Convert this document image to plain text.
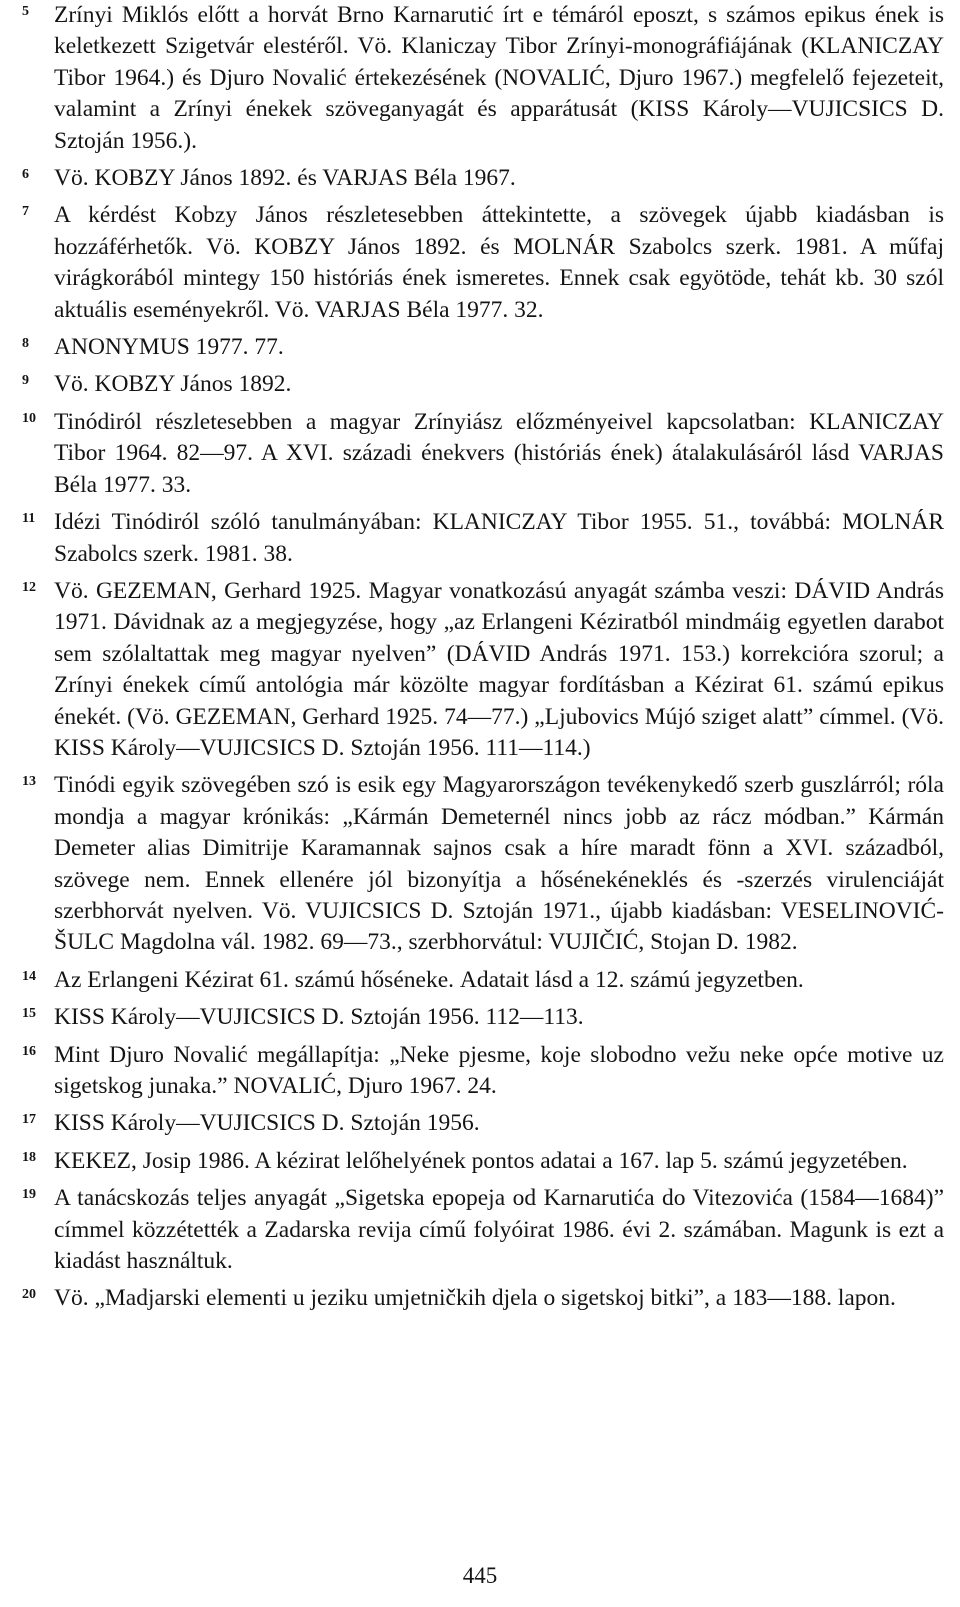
5	Zrínyi Miklós előtt a horvát Brno Karnarutić írt e témáról eposzt, s számos epikus ének is keletkezett Szigetvár elestéről. Vö. Klaniczay Tibor Zrínyi-monográfiájának (KLANICZAY Tibor 1964.) és Djuro Novalić értekezésének (NOVALIĆ, Djuro 1967.) megfelelő fejezeteit, valamint a Zrínyi énekek szöveganyagát és apparátusát (KISS Károly—VUJICSICS D. Sztoján 1956.).
6	Vö. KOBZY János 1892. és VARJAS Béla 1967.
7	A kérdést Kobzy János részletesebben áttekintette, a szövegek újabb kiadásban is hozzáférhetők. Vö. KOBZY János 1892. és MOLNÁR Szabolcs szerk. 1981. A műfaj virágkorából mintegy 150 históriás ének ismeretes. Ennek csak egyötöde, tehát kb. 30 szól aktuális eseményekről. Vö. VARJAS Béla 1977. 32.
8	ANONYMUS 1977. 77.
9	Vö. KOBZY János 1892.
10 Tinódiról részletesebben a magyar Zrínyiász előzményeivel kapcsolatban: KLANICZAY Tibor 1964. 82—97. A XVI. századi énekvers (históriás ének) átalakulásáról lásd VARJAS Béla 1977. 33.
11 Idézi Tinódiról szóló tanulmányában: KLANICZAY Tibor 1955. 51., továbbá: MOLNÁR Szabolcs szerk. 1981. 38.
12 Vö. GEZEMAN, Gerhard 1925. Magyar vonatkozású anyagát számba veszi: DÁVID András 1971. Dávidnak az a megjegyzése, hogy „az Erlangeni Kéziratból mindmáig egyetlen darabot sem szólaltattak meg magyar nyelven” (DÁVID András 1971. 153.) korrekcióra szorul; a Zrínyi énekek című antológia már közölte magyar fordításban a Kézirat 61. számú epikus énekét. (Vö. GEZEMAN, Gerhard 1925. 74—77.) „Ljubovics Mújó sziget alatt” címmel. (Vö. KISS Károly—VUJICSICS D. Sztoján 1956. 111—114.)
13 Tinódi egyik szövegében szó is esik egy Magyarországon tevékenykedő szerb guszlárról; róla mondja a magyar krónikás: „Kármán Demeternél nincs jobb az rácz módban.” Kármán Demeter alias Dimitrije Karamannak sajnos csak a híre maradt fönn a XVI. századból, szövege nem. Ennek ellenére jól bizonyítja a hősénekéneklés és -szerzés virulenciáját szerbhorvát nyelven. Vö. VUJICSICS D. Sztoján 1971., újabb kiadásban: VESELINOVIĆ-ŠULC Magdolna vál. 1982. 69—73., szerbhorvátul: VUJIČIĆ, Stojan D. 1982.
14 Az Erlangeni Kézirat 61. számú hősénekе. Adatait lásd a 12. számú jegyzetben.
15 KISS Károly—VUJICSICS D. Sztoján 1956. 112—113.
16 Mint Djuro Novalić megállapítja: „Neke pjesme, koje slobodno vežu neke opće motive uz sigetskog junaka.” NOVALIĆ, Djuro 1967. 24.
17 KISS Károly—VUJICSICS D. Sztoján 1956.
18 KEKEZ, Josip 1986. A kézirat lelőhelyének pontos adatai a 167. lap 5. számú jegyzetében.
19 A tanácskozás teljes anyagát „Sigetska epopeja od Karnarutića do Vitezovića (1584—1684)” címmel közzétették a Zadarska revija című folyóirat 1986. évi 2. számában. Magunk is ezt a kiadást használtuk.
20 Vö. „Madjarski elementi u jeziku umjetničkih djela o sigetskoj bitki”, a 183—188. lapon.
445
